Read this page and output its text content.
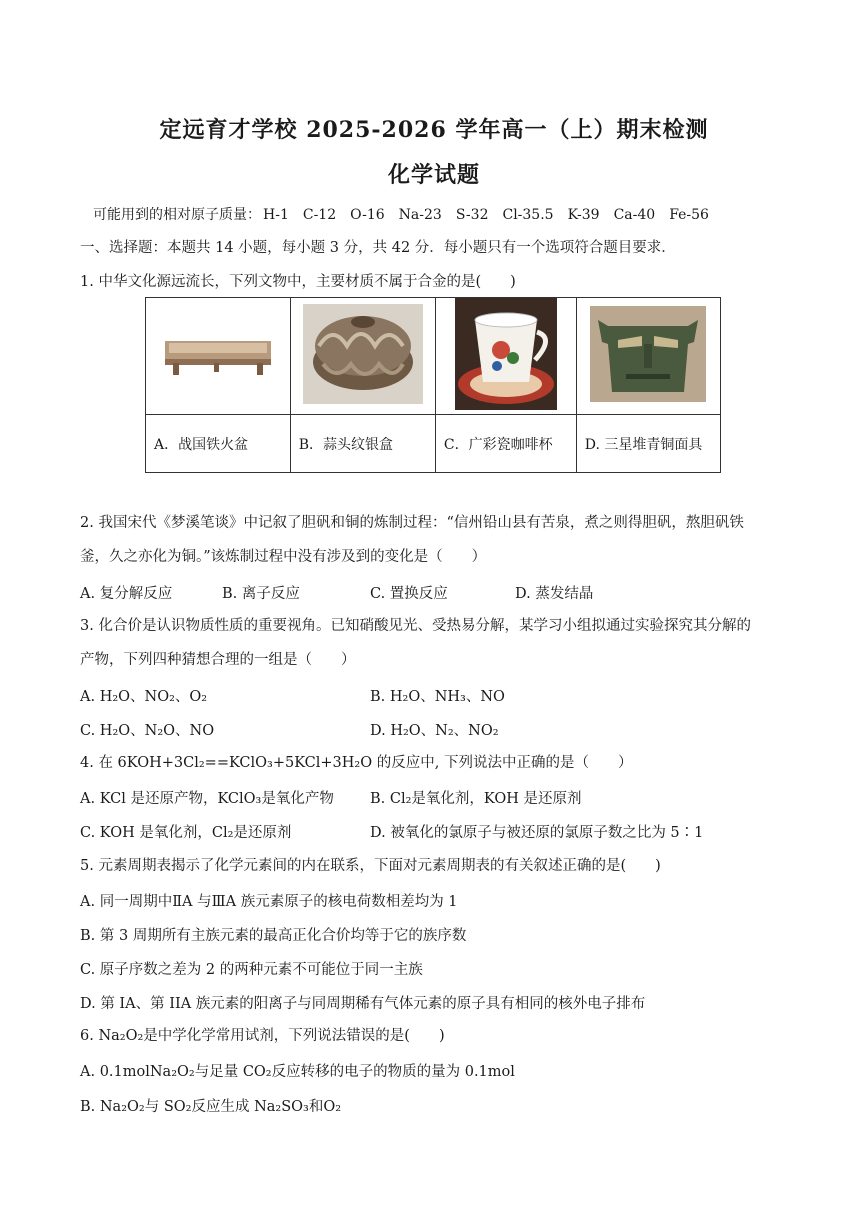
定远育才学校 2025-2026 学年高一（上）期末检测
化学试题
可能用到的相对原子质量： H-1 C-12 O-16 Na-23 S-32 Cl-35.5 K-39 Ca-40 Fe-56
一、选择题：本题共 14 小题，每小题 3 分，共 42 分．每小题只有一个选项符合题目要求．
1. 中华文化源远流长，下列文物中，主要材质不属于合金的是(　　)

A．战国铁火盆	B．蒜头纹银盒	C．广彩瓷咖啡杯	D. 三星堆青铜面具
2. 我国宋代《梦溪笔谈》中记叙了胆矾和铜的炼制过程：“信州铅山县有苦泉，煮之则得胆矾，熬胆矾铁
釜，久之亦化为铜。”该炼制过程中没有涉及到的变化是（　　）
A. 复分解反应	B. 离子反应	C. 置换反应	D. 蒸发结晶
3. 化合价是认识物质性质的重要视角。已知硝酸见光、受热易分解，某学习小组拟通过实验探究其分解的
产物，下列四种猜想合理的一组是（　　）
A. H₂O、NO₂、O₂	B. H₂O、NH₃、NO
C. H₂O、N₂O、NO	D. H₂O、N₂、NO₂
4. 在 6KOH+3Cl₂==KClO₃+5KCl+3H₂O 的反应中, 下列说法中正确的是（　　）
A. KCl 是还原产物，KClO₃是氧化产物 B. Cl₂是氧化剂，KOH 是还原剂
C. KOH 是氧化剂，Cl₂是还原剂	D. 被氧化的氯原子与被还原的氯原子数之比为 5∶1
5. 元素周期表揭示了化学元素间的内在联系，下面对元素周期表的有关叙述正确的是(　　)
A. 同一周期中ⅡA 与ⅢA 族元素原子的核电荷数相差均为 1
B. 第 3 周期所有主族元素的最高正化合价均等于它的族序数
C. 原子序数之差为 2 的两种元素不可能位于同一主族
D. 第 IA、第 IIA 族元素的阳离子与同周期稀有气体元素的原子具有相同的核外电子排布
6. Na₂O₂是中学化学常用试剂，下列说法错误的是(　　)
A. 0.1molNa₂O₂与足量 CO₂反应转移的电子的物质的量为 0.1mol
B. Na₂O₂与 SO₂反应生成 Na₂SO₃和O₂
